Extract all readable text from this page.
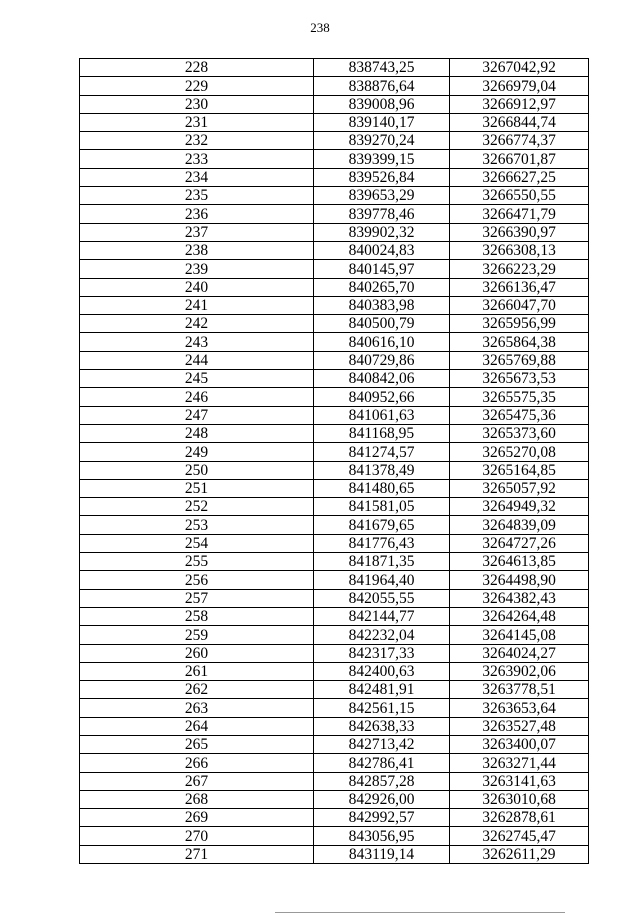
238
228	838743,25	3267042,92
229	838876,64	3266979,04
230	839008,96	3266912,97
231	839140,17	3266844,74
232	839270,24	3266774,37
233	839399,15	3266701,87
234	839526,84	3266627,25
235	839653,29	3266550,55
236	839778,46	3266471,79
237	839902,32	3266390,97
238	840024,83	3266308,13
239	840145,97	3266223,29
240	840265,70	3266136,47
241	840383,98	3266047,70
242	840500,79	3265956,99
243	840616,10	3265864,38
244	840729,86	3265769,88
245	840842,06	3265673,53
246	840952,66	3265575,35
247	841061,63	3265475,36
248	841168,95	3265373,60
249	841274,57	3265270,08
250	841378,49	3265164,85
251	841480,65	3265057,92
252	841581,05	3264949,32
253	841679,65	3264839,09
254	841776,43	3264727,26
255	841871,35	3264613,85
256	841964,40	3264498,90
257	842055,55	3264382,43
258	842144,77	3264264,48
259	842232,04	3264145,08
260	842317,33	3264024,27
261	842400,63	3263902,06
262	842481,91	3263778,51
263	842561,15	3263653,64
264	842638,33	3263527,48
265	842713,42	3263400,07
266	842786,41	3263271,44
267	842857,28	3263141,63
268	842926,00	3263010,68
269	842992,57	3262878,61
270	843056,95	3262745,47
271	843119,14	3262611,29
